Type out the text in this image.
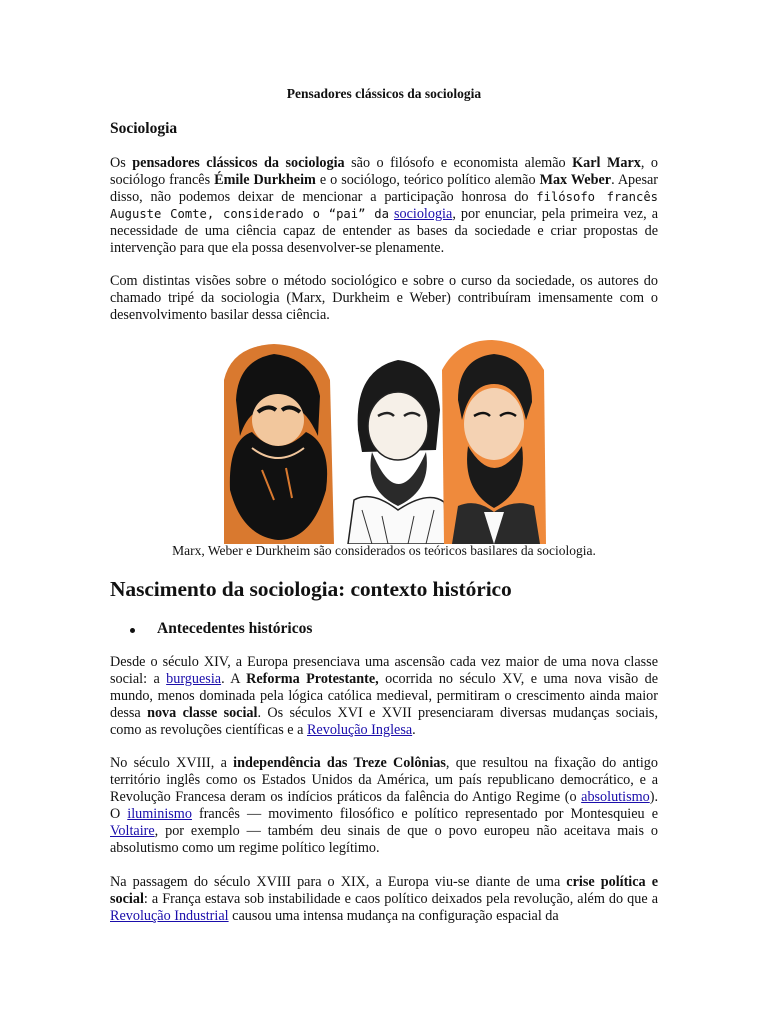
Pensadores clássicos da sociologia
Sociologia

Os pensadores clássicos da sociologia são o filósofo e economista alemão Karl Marx, o sociólogo francês Émile Durkheim e o sociólogo, teórico político alemão Max Weber. Apesar disso, não podemos deixar de mencionar a participação honrosa do filósofo francês Auguste Comte, considerado o “pai” da sociologia, por enunciar, pela primeira vez, a necessidade de uma ciência capaz de entender as bases da sociedade e criar propostas de intervenção para que ela possa desenvolver-se plenamente.

Com distintas visões sobre o método sociológico e sobre o curso da sociedade, os autores do chamado tripé da sociologia (Marx, Durkheim e Weber) contribuíram imensamente com o desenvolvimento basilar dessa ciência.

Marx, Weber e Durkheim são considerados os teóricos basilares da sociologia.
Nascimento da sociologia: contexto histórico
Antecedentes históricos

Desde o século XIV, a Europa presenciava uma ascensão cada vez maior de uma nova classe social: a burguesia. A Reforma Protestante, ocorrida no século XV, e uma nova visão de mundo, menos dominada pela lógica católica medieval, permitiram o crescimento ainda maior dessa nova classe social. Os séculos XVI e XVII presenciaram diversas mudanças sociais, como as revoluções científicas e a Revolução Inglesa.

No século XVIII, a independência das Treze Colônias, que resultou na fixação do antigo território inglês como os Estados Unidos da América, um país republicano democrático, e a Revolução Francesa deram os indícios práticos da falência do Antigo Regime (o absolutismo). O iluminismo francês — movimento filosófico e político representado por Montesquieu e Voltaire, por exemplo — também deu sinais de que o povo europeu não aceitava mais o absolutismo como um regime político legítimo.

Na passagem do século XVIII para o XIX, a Europa viu-se diante de uma crise política e social: a França estava sob instabilidade e caos político deixados pela revolução, além do que a Revolução Industrial causou uma intensa mudança na configuração espacial da
